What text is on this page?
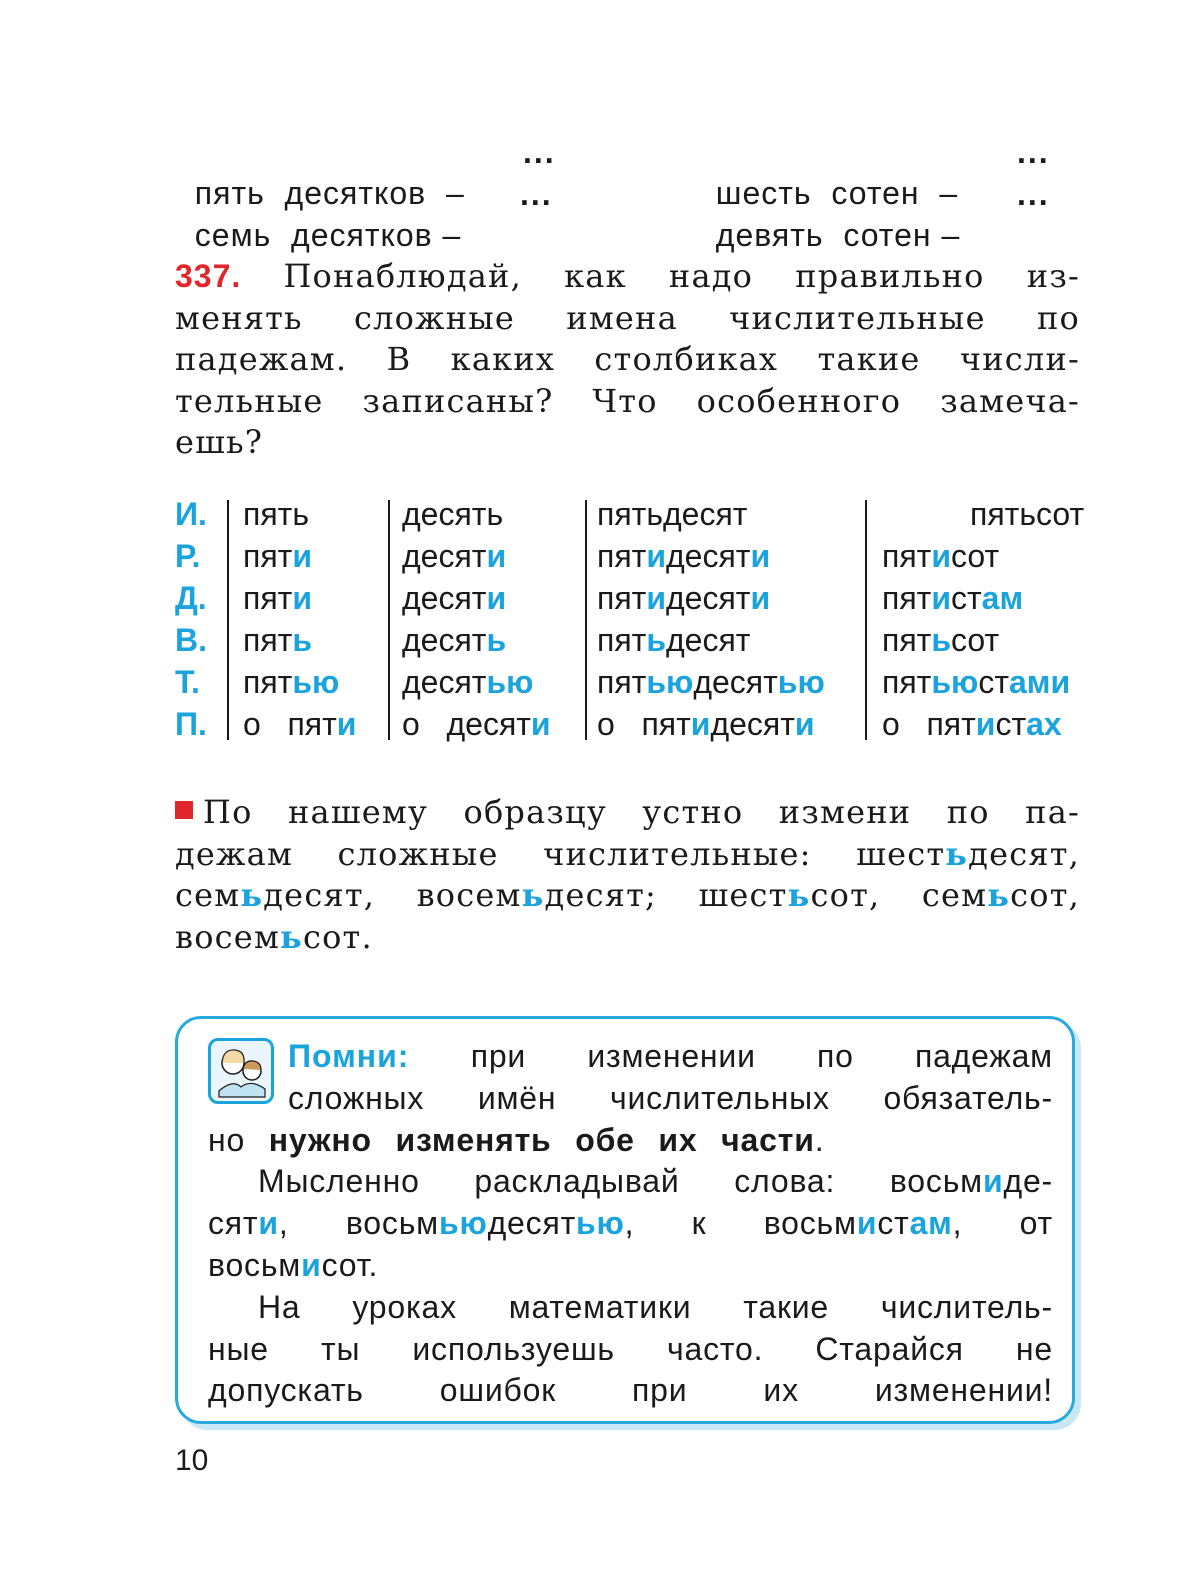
пять  десятков  –

...

семь  десятков –

...	шесть  сотен  –

...

девять  сотен –

...
337. Понаблюдай, как надо правильно из-
менять сложные имена числительные по
падежам. В каких столбиках такие числи-
тельные записаны? Что особенного замеча-
ешь?
И.	пять	десять	пятьдесят	пятьсот
Р.	пяти	десяти	пятидесяти	пятисот
Д.	пяти	десяти	пятидесяти	пятистам
В.	пять	десять	пятьдесят	пятьсот
Т.	пятью десятью пятьюдесятью пятьюстами
П.	о   пяти о   десяти о   пятидесяти о   пятистах
По нашему образцу устно измени по па-
дежам сложные числительные: шестьдесят,
семьдесят, восемьдесят; шестьсот, семьсот,
восемьсот.
Помни: при изменении по падежам
сложных имён числительных обязатель-
но нужно изменять обе их части.
Мысленно раскладывай слова: восьмиде-
сяти, восьмьюдесятью, к восьмистам, от
восьмисот.
На уроках математики такие числитель-
ные ты используешь часто. Старайся не
допускать ошибок при их изменении!
10
